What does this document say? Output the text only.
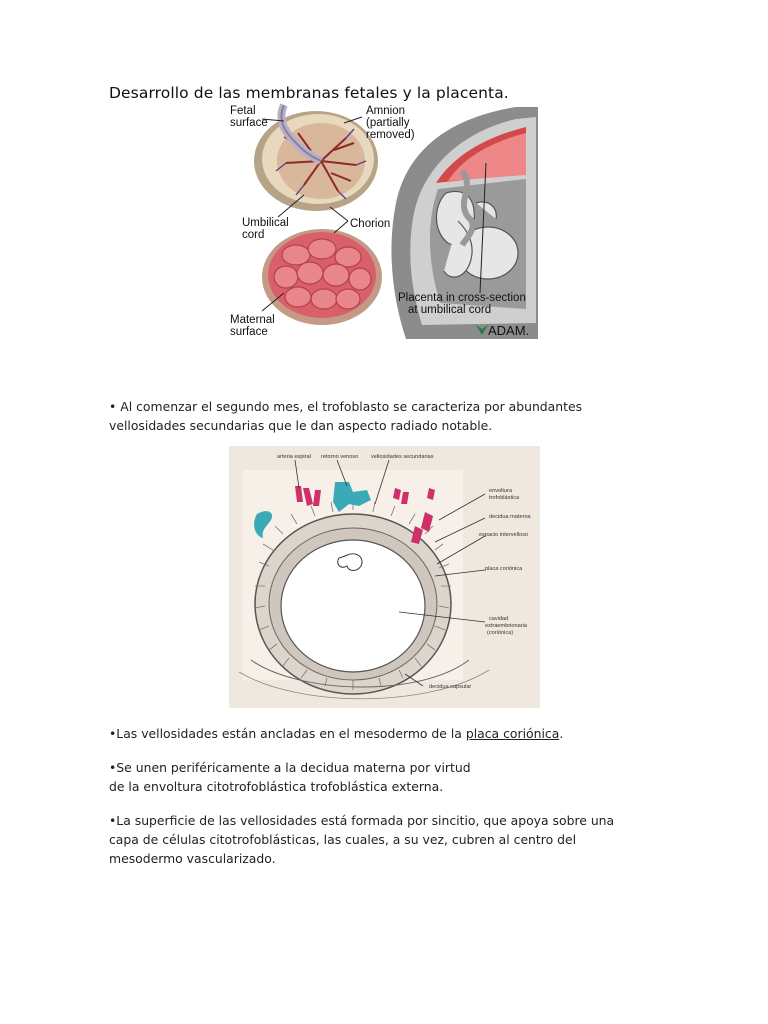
Desarrollo de las membranas fetales y la placenta.
Fetal
surface
Amnion
(partially
removed)
Umbilical
cord
Chorion
Maternal
surface
Placenta in cross-section
at umbilical cord
ADAM.
• Al comenzar el segundo mes, el trofoblasto se caracteriza por abundantes
vellosidades secundarias que le dan aspecto radiado notable.
arteria espiral retorno venoso vellosidades secundarias
envoltura
trofoblástica
decidua materna
espacio intervelloso
placa coriónica
cavidad
extraembrionaria
(coriónica)
decidua capsular
•Las vellosidades están ancladas en el mesodermo de la placa coriónica.
•Se unen periféricamente a la decidua materna por virtud
de la envoltura citotrofoblástica trofoblástica externa.
•La superficie de las vellosidades está formada por sincitio, que apoya sobre una
capa de células citotrofoblásticas, las cuales, a su vez, cubren al centro del
mesodermo vascularizado.
